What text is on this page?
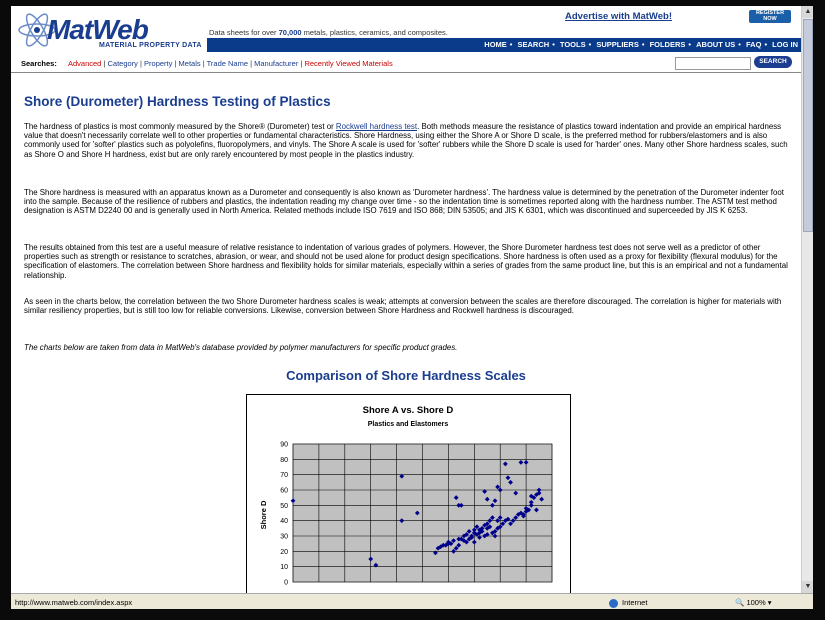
MatWeb
MATERIAL PROPERTY DATA
Data sheets for over 70,000 metals, plastics, ceramics, and composites.
Advertise with MatWeb!	REGISTER NOW
HOME • SEARCH • TOOLS • SUPPLIERS • FOLDERS • ABOUT US • FAQ • LOG IN
Searches: Advanced | Category | Property | Metals | Trade Name | Manufacturer | Recently Viewed Materials	SEARCH
Shore (Durometer) Hardness Testing of Plastics

The hardness of plastics is most commonly measured by the Shore® (Durometer) test or Rockwell hardness test. Both methods measure the resistance of plastics toward indentation and provide an empirical hardness value that doesn't necessarily correlate well to other properties or fundamental characteristics. Shore Hardness, using either the Shore A or Shore D scale, is the preferred method for rubbers/elastomers and is also commonly used for 'softer' plastics such as polyolefins, fluoropolymers, and vinyls. The Shore A scale is used for 'softer' rubbers while the Shore D scale is used for 'harder' ones. Many other Shore hardness scales, such as Shore O and Shore H hardness, exist but are only rarely encountered by most people in the plastics industry.

The Shore hardness is measured with an apparatus known as a Durometer and consequently is also known as 'Durometer hardness'. The hardness value is determined by the penetration of the Durometer indenter foot into the sample. Because of the resilience of rubbers and plastics, the indentation reading my change over time - so the indentation time is sometimes reported along with the hardness number. The ASTM test method designation is ASTM D2240 00 and is generally used in North America. Related methods include ISO 7619 and ISO 868; DIN 53505; and JIS K 6301, which was discontinued and superceeded by JIS K 6253.

The results obtained from this test are a useful measure of relative resistance to indentation of various grades of polymers. However, the Shore Durometer hardness test does not serve well as a predictor of other properties such as strength or resistance to scratches, abrasion, or wear, and should not be used alone for product design specifications. Shore hardness is often used as a proxy for flexibility (flexural modulus) for the specification of elastomers. The correlation between Shore hardness and flexibility holds for similar materials, especially within a series of grades from the same product line, but this is an empirical and not a fundamental relationship.

As seen in the charts below, the correlation between the two Shore Durometer hardness scales is weak; attempts at conversion between the scales are therefore discouraged. The correlation is higher for materials with similar resiliency properties, but is still too low for reliable conversions. Likewise, conversion between Shore Hardness and Rockwell hardness is discouraged.

The charts below are taken from data in MatWeb's database provided by polymer manufacturers for specific product grades.

Comparison of Shore Hardness Scales
Shore A vs. Shore D
Plastics and Elastomers
Shore D
0
10
20
30
40
50
60
70
80
90
▲
▼
http://www.matweb.com/index.aspx	Internet	🔍 100% ▾
